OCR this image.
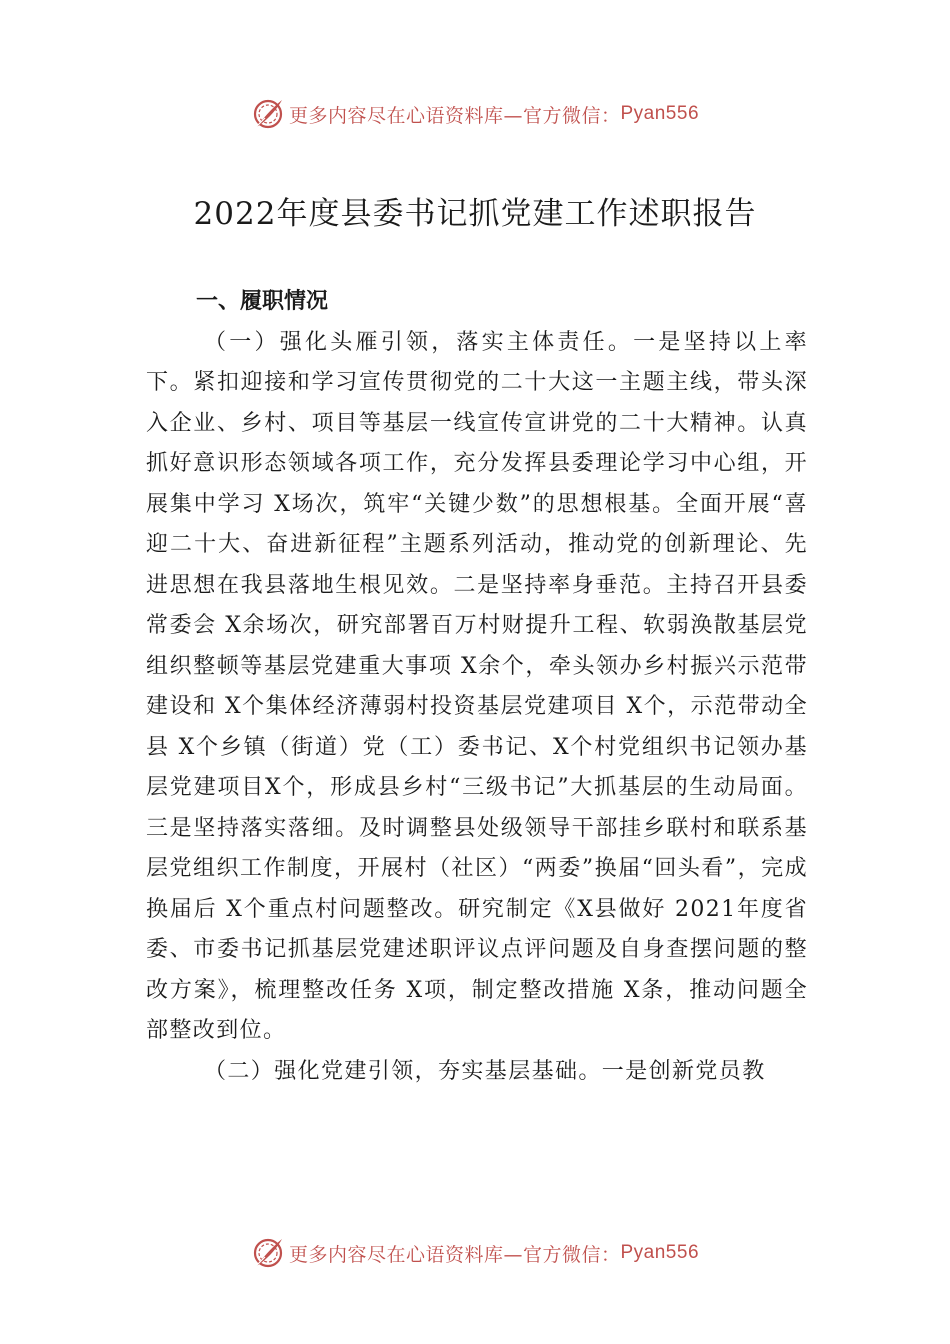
更多内容尽在心语资料库—官方微信： Pyan556
2022年度县委书记抓党建工作述职报告

一、履职情况

（一）强化头雁引领，落实主体责任。一是坚持以上率下。紧扣迎接和学习宣传贯彻党的二十大这一主题主线，带头深入企业、乡村、项目等基层一线宣传宣讲党的二十大精神。认真抓好意识形态领域各项工作，充分发挥县委理论学习中心组，开展集中学习 X场次，筑牢“关键少数”的思想根基。全面开展“喜迎二十大、奋进新征程”主题系列活动，推动党的创新理论、先进思想在我县落地生根见效。二是坚持率身垂范。主持召开县委常委会 X余场次，研究部署百万村财提升工程、软弱涣散基层党组织整顿等基层党建重大事项 X余个，牵头领办乡村振兴示范带建设和 X个集体经济薄弱村投资基层党建项目 X个，示范带动全县 X个乡镇（街道）党（工）委书记、X个村党组织书记领办基层党建项目X个，形成县乡村“三级书记”大抓基层的生动局面。三是坚持落实落细。及时调整县处级领导干部挂乡联村和联系基层党组织工作制度，开展村（社区）“两委”换届“回头看”，完成换届后 X个重点村问题整改。研究制定《X县做好 2021年度省委、市委书记抓基层党建述职评议点评问题及自身查摆问题的整改方案》，梳理整改任务 X项，制定整改措施 X条，推动问题全部整改到位。

（二）强化党建引领，夯实基层基础。一是创新党员教

更多内容尽在心语资料库—官方微信： Pyan556
